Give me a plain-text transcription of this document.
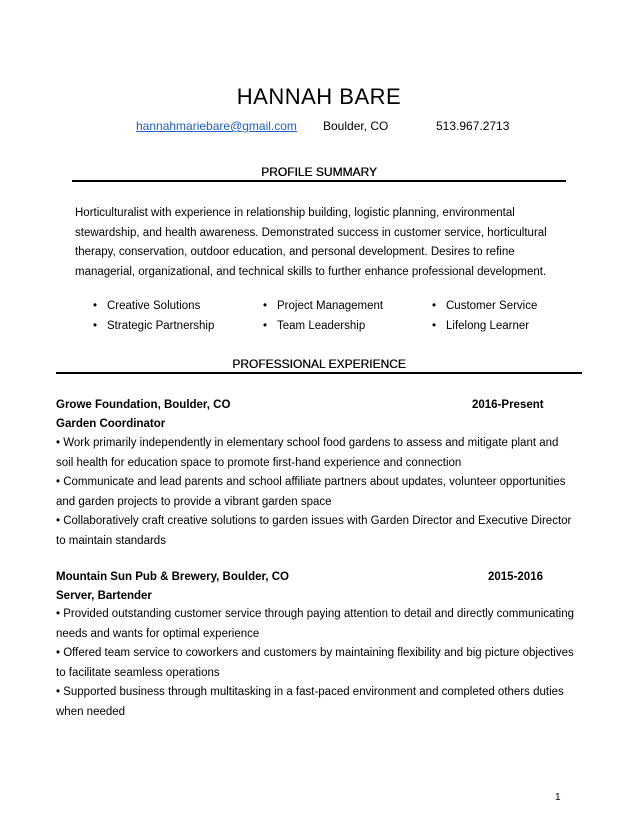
HANNAH BARE
hannahmariebare@gmail.com Boulder, CO	513.967.2713
PROFILE SUMMARY
Horticulturalist with experience in relationship building, logistic planning, environmental stewardship, and health awareness. Demonstrated success in customer service, horticultural therapy, conservation, outdoor education, and personal development. Desires to refine managerial, organizational, and technical skills to further enhance professional development.
• Creative Solutions	• Project Management	• Customer Service
• Strategic Partnership	• Team Leadership	• Lifelong Learner
PROFESSIONAL EXPERIENCE
Growe Foundation, Boulder, CO	2016-Present
Garden Coordinator

• Work primarily independently in elementary school food gardens to assess and mitigate plant and soil health for education space to promote first-hand experience and connection

• Communicate and lead parents and school affiliate partners about updates, volunteer opportunities and garden projects to provide a vibrant garden space

• Collaboratively craft creative solutions to garden issues with Garden Director and Executive Director to maintain standards

Mountain Sun Pub & Brewery, Boulder, CO	2015-2016
Server, Bartender

• Provided outstanding customer service through paying attention to detail and directly communicating needs and wants for optimal experience

• Offered team service to coworkers and customers by maintaining flexibility and big picture objectives to facilitate seamless operations

• Supported business through multitasking in a fast-paced environment and completed others duties when needed

1
